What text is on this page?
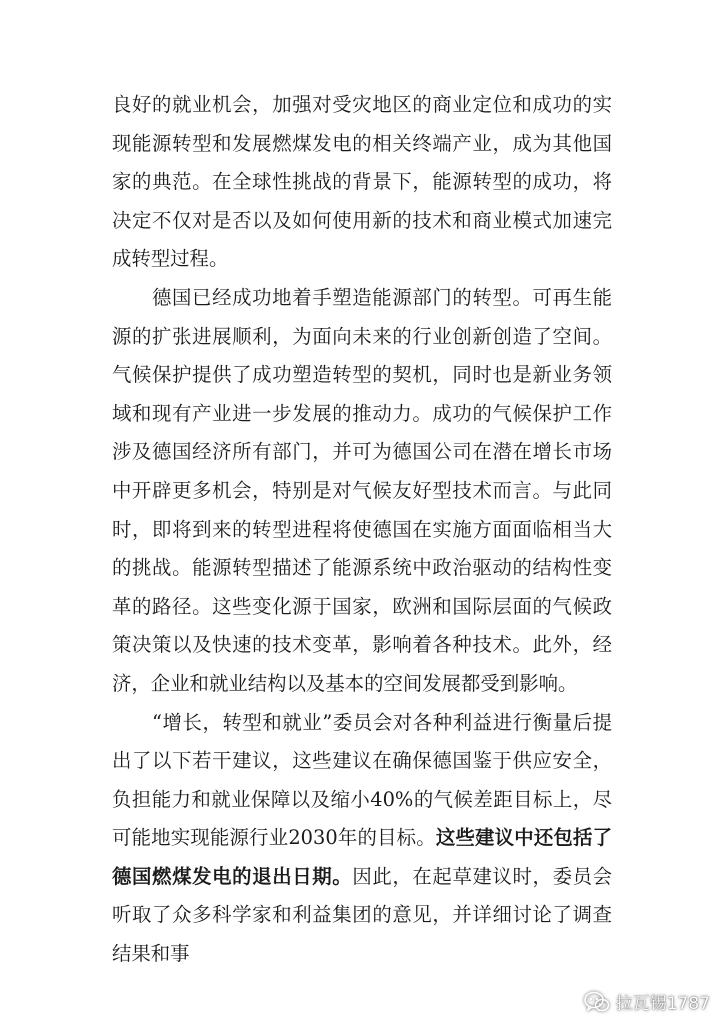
良好的就业机会，加强对受灾地区的商业定位和成功的实现能源转型和发展燃煤发电的相关终端产业，成为其他国家的典范。在全球性挑战的背景下，能源转型的成功，将决定不仅对是否以及如何使用新的技术和商业模式加速完成转型过程。

德国已经成功地着手塑造能源部门的转型。可再生能源的扩张进展顺利，为面向未来的行业创新创造了空间。气候保护提供了成功塑造转型的契机，同时也是新业务领域和现有产业进一步发展的推动力。成功的气候保护工作涉及德国经济所有部门，并可为德国公司在潜在增长市场中开辟更多机会，特别是对气候友好型技术而言。与此同时，即将到来的转型进程将使德国在实施方面面临相当大的挑战。能源转型描述了能源系统中政治驱动的结构性变革的路径。这些变化源于国家，欧洲和国际层面的气候政策决策以及快速的技术变革，影响着各种技术。此外，经济，企业和就业结构以及基本的空间发展都受到影响。

“增长，转型和就业”委员会对各种利益进行衡量后提出了以下若干建议，这些建议在确保德国鉴于供应安全，负担能力和就业保障以及缩小40%的气候差距目标上，尽可能地实现能源行业2030年的目标。这些建议中还包括了德国燃煤发电的退出日期。因此，在起草建议时，委员会听取了众多科学家和利益集团的意见，并详细讨论了调查结果和事

拉瓦锡1787
